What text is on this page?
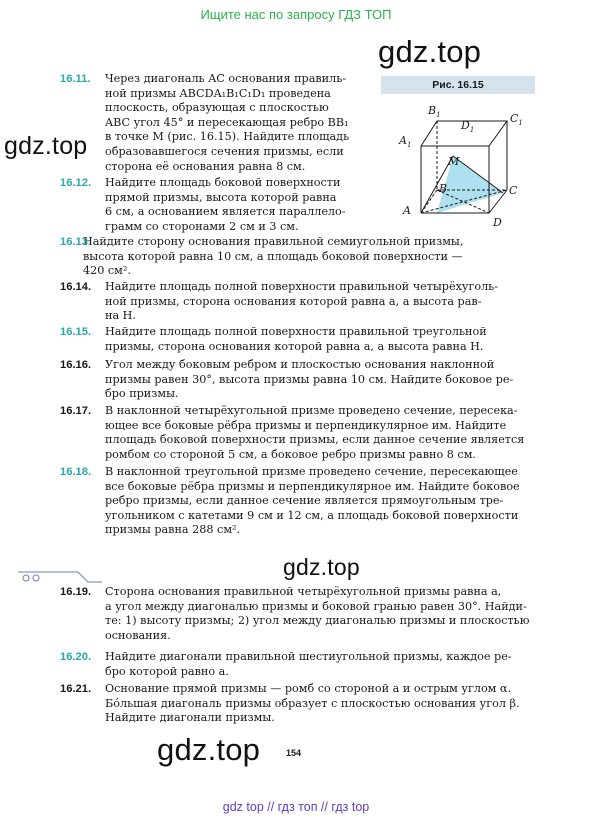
Ищите нас по запросу ГДЗ ТОП
gdz.top
gdz.top
gdz.top
gdz.top
16.11. Через диагональ AC основания правиль-
ной призмы ABCDA₁B₁C₁D₁ проведена
плоскость, образующая с плоскостью
ABC угол 45° и пересекающая ребро BB₁
в точке M (рис. 16.15). Найдите площадь
образовавшегося сечения призмы, если
сторона её основания равна 8 см.
16.12. Найдите площадь боковой поверхности
прямой призмы, высота которой равна
6 см, а основанием является параллело-
грамм со сторонами 2 см и 3 см.
16.13.
Найдите сторону основания правильной семиугольной призмы,
высота которой равна 10 см, а площадь боковой поверхности —
420 см².
16.14. Найдите площадь полной поверхности правильной четырёхуголь-
ной призмы, сторона основания которой равна a, а высота рав-
на H.
16.15. Найдите площадь полной поверхности правильной треугольной
призмы, сторона основания которой равна a, а высота равна H.
16.16. Угол между боковым ребром и плоскостью основания наклонной
призмы равен 30°, высота призмы равна 10 см. Найдите боковое ре-
бро призмы.
16.17. В наклонной четырёхугольной призме проведено сечение, пересека-
ющее все боковые рёбра призмы и перпендикулярное им. Найдите
площадь боковой поверхности призмы, если данное сечение является
ромбом со стороной 5 см, а боковое ребро призмы равно 8 см.
16.18. В наклонной треугольной призме проведено сечение, пересекающее
все боковые рёбра призмы и перпендикулярное им. Найдите боковое
ребро призмы, если данное сечение является прямоугольным тре-
угольником с катетами 9 см и 12 см, а площадь боковой поверхности
призмы равна 288 см².
16.19. Сторона основания правильной четырёхугольной призмы равна a,
а угол между диагональю призмы и боковой гранью равен 30°. Найди-
те: 1) высоту призмы; 2) угол между диагональю призмы и плоскостью
основания.
16.20. Найдите диагонали правильной шестиугольной призмы, каждое ре-
бро которой равно a.
16.21. Основание прямой призмы — ромб со стороной a и острым углом α.
Бóльшая диагональ призмы образует с плоскостью основания угол β.
Найдите диагонали призмы.
Рис. 16.15
$B_1$
$D_1$
$C_1$
$A_1$
M
B	C
A
D
154
gdz top // гдз топ // гдз top
